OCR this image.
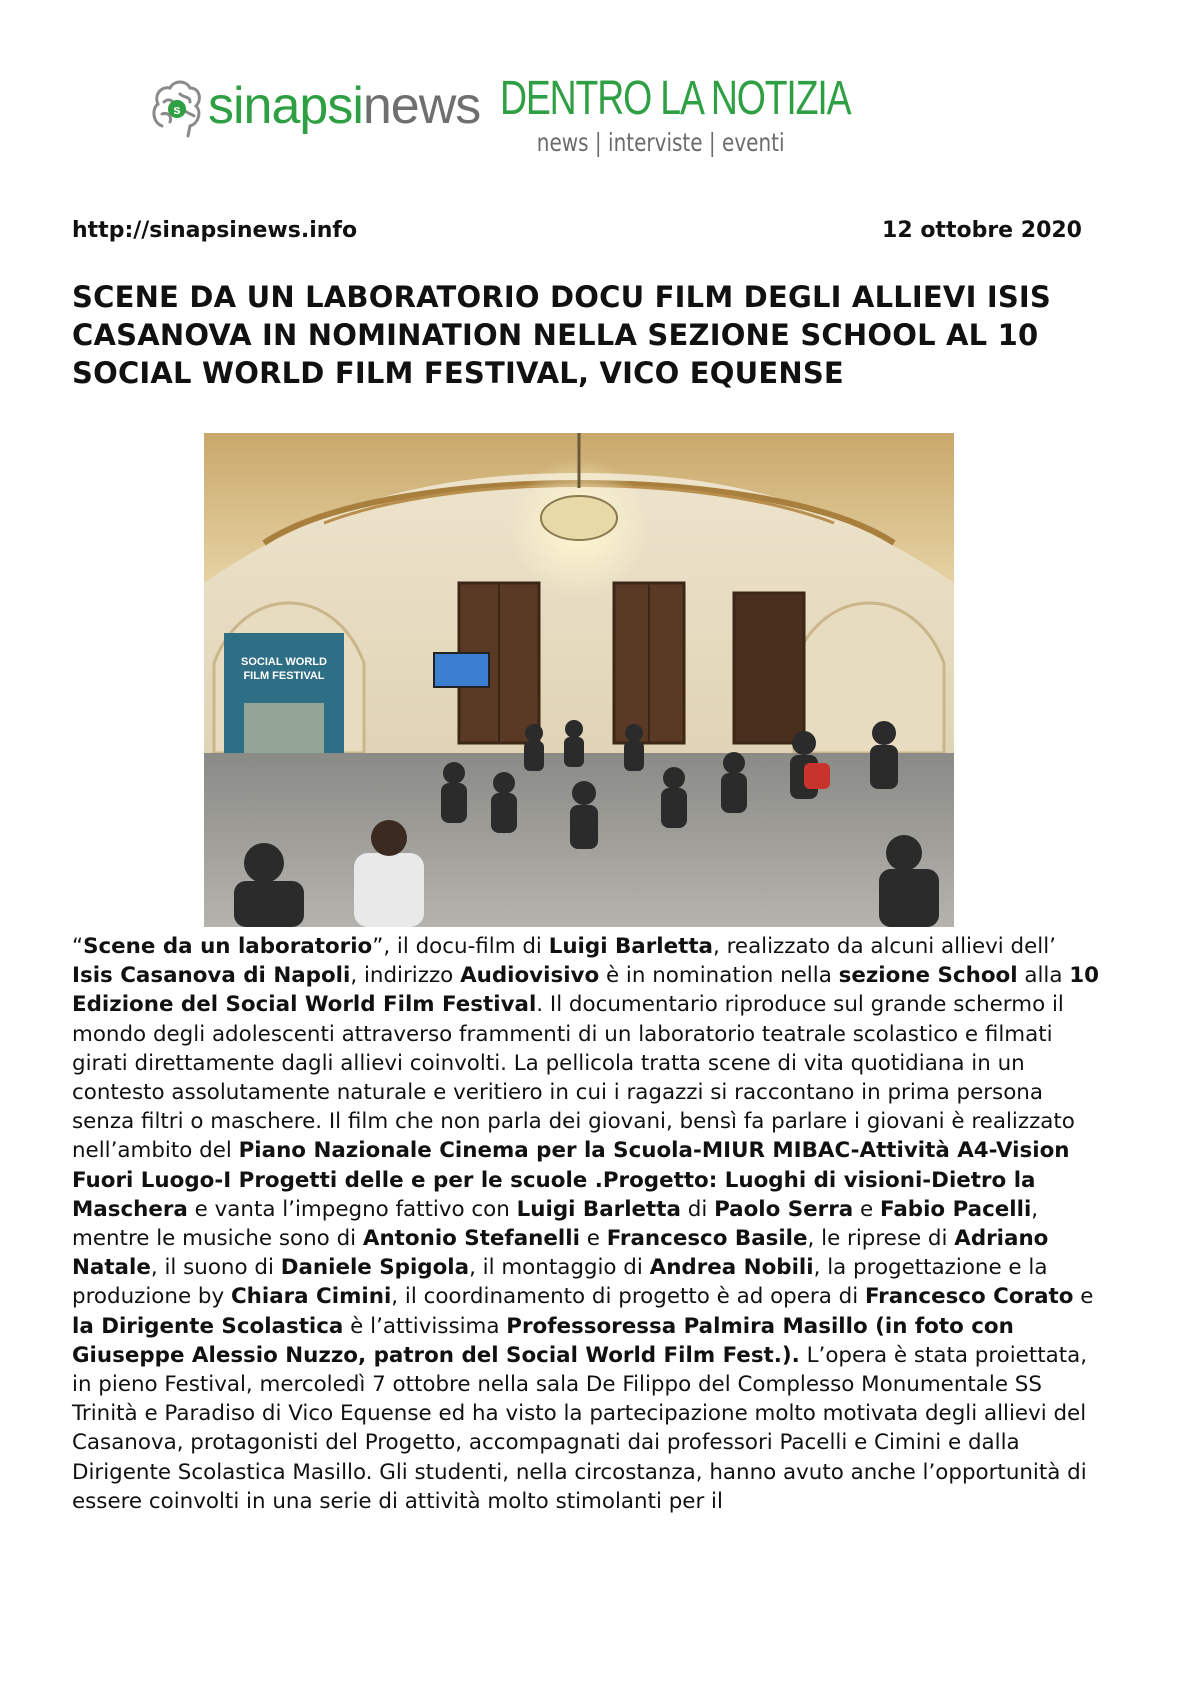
s sinapsinews DENTRO LA NOTIZIA
news | interviste | eventi
http://sinapsinews.info	12 ottobre 2020
SCENE DA UN LABORATORIO DOCU FILM DEGLI ALLIEVI ISIS CASANOVA IN NOMINATION NELLA SEZIONE SCHOOL AL 10 SOCIAL WORLD FILM FESTIVAL, VICO EQUENSE
SOCIAL WORLD
FILM FESTIVAL

“Scene da un laboratorio”, il docu-film di Luigi Barletta, realizzato da alcuni allievi dell’ Isis Casanova di Napoli, indirizzo Audiovisivo è in nomination nella sezione School alla 10 Edizione del Social World Film Festival. Il documentario riproduce sul grande schermo il mondo degli adolescenti attraverso frammenti di un laboratorio teatrale scolastico e filmati girati direttamente dagli allievi coinvolti. La pellicola tratta scene di vita quotidiana in un contesto assolutamente naturale e veritiero in cui i ragazzi si raccontano in prima persona senza filtri o maschere. Il film che non parla dei giovani, bensì fa parlare i giovani è realizzato nell’ambito del Piano Nazionale Cinema per la Scuola-MIUR MIBAC-Attività A4-Vision Fuori Luogo-I Progetti delle e per le scuole .Progetto: Luoghi di visioni-Dietro la Maschera e vanta l’impegno fattivo con Luigi Barletta di Paolo Serra e Fabio Pacelli, mentre le musiche sono di Antonio Stefanelli e Francesco Basile, le riprese di Adriano Natale, il suono di Daniele Spigola, il montaggio di Andrea Nobili, la progettazione e la produzione by Chiara Cimini, il coordinamento di progetto è ad opera di Francesco Corato e la Dirigente Scolastica è l’attivissima Professoressa Palmira Masillo (in foto con Giuseppe Alessio Nuzzo, patron del Social World Film Fest.). L’opera è stata proiettata, in pieno Festival, mercoledì 7 ottobre nella sala De Filippo del Complesso Monumentale SS Trinità e Paradiso di Vico Equense ed ha visto la partecipazione molto motivata degli allievi del Casanova, protagonisti del Progetto, accompagnati dai professori Pacelli e Cimini e dalla Dirigente Scolastica Masillo. Gli studenti, nella circostanza, hanno avuto anche l’opportunità di essere coinvolti in una serie di attività molto stimolanti per il
